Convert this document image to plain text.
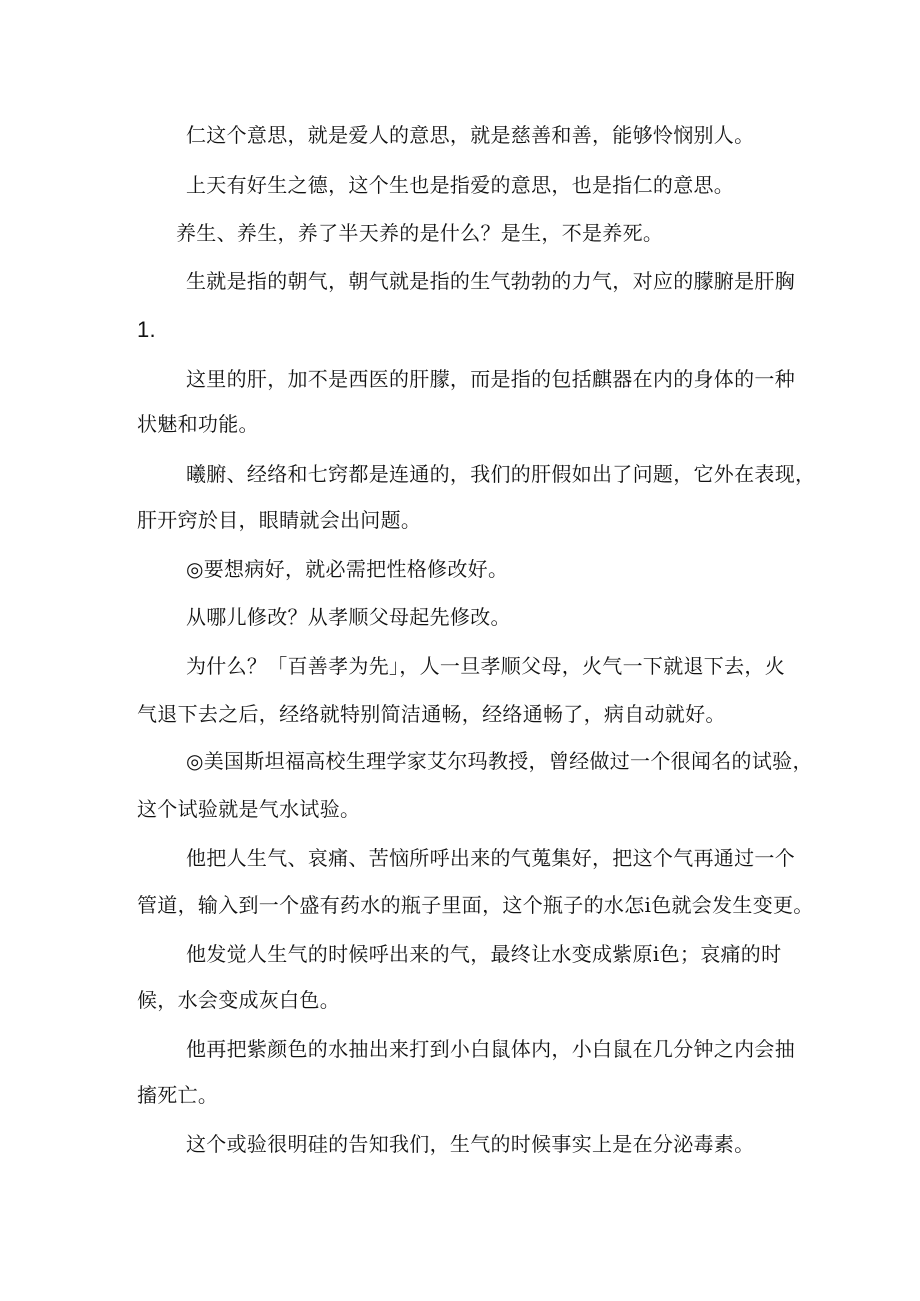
仁这个意思，就是爱人的意思，就是慈善和善，能够怜悯别人。
上天有好生之德，这个生也是指爱的意思，也是指仁的意思。
养生、养生，养了半天养的是什么？是生，不是养死。
生就是指的朝气，朝气就是指的生气勃勃的力气，对应的朦腑是肝胸
1.
这里的肝，加不是西医的肝朦，而是指的包括麒器在内的身体的一种
状魅和功能。
曦腑、经络和七窍都是连通的，我们的肝假如出了问题，它外在表现，
肝开窍於目，眼睛就会出问题。
◎要想病好，就必需把性格修改好。
从哪儿修改？从孝顺父母起先修改。
为什么？「百善孝为先」，人一旦孝顺父母，火气一下就退下去，火
气退下去之后，经络就特别简洁通畅，经络通畅了，病自动就好。
◎美国斯坦福高校生理学家艾尔玛教授，曾经做过一个很闻名的试验，
这个试验就是气水试验。
他把人生气、哀痛、苦恼所呼出来的气蒐集好，把这个气再通过一个
管道，输入到一个盛有药水的瓶子里面，这个瓶子的水怎i色就会发生变更。
他发觉人生气的时候呼出来的气，最终让水变成紫原i色；哀痛的时
候，水会变成灰白色。
他再把紫颜色的水抽出来打到小白鼠体内，小白鼠在几分钟之内会抽
搐死亡。
这个或验很明硅的告知我们，生气的时候事实上是在分泌毒素。
